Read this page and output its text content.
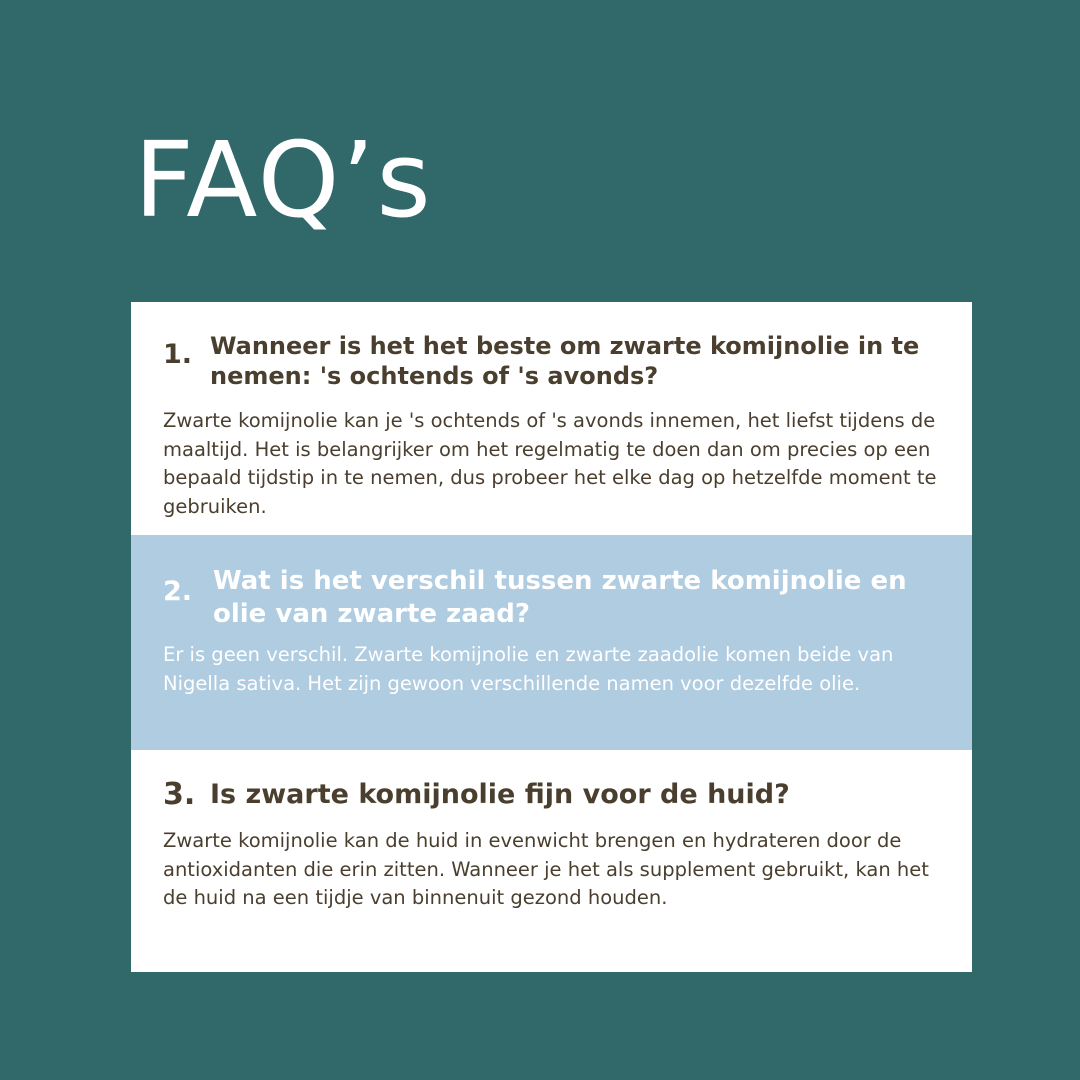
FAQ’s
1. Wanneer is het het beste om zwarte komijnolie in te nemen: 's ochtends of 's avonds?

Zwarte komijnolie kan je 's ochtends of 's avonds innemen, het liefst tijdens de maaltijd. Het is belangrijker om het regelmatig te doen dan om precies op een bepaald tijdstip in te nemen, dus probeer het elke dag op hetzelfde moment te gebruiken.

2. Wat is het verschil tussen zwarte komijnolie en olie van zwarte zaad?

Er is geen verschil. Zwarte komijnolie en zwarte zaadolie komen beide van Nigella sativa. Het zijn gewoon verschillende namen voor dezelfde olie.

3. Is zwarte komijnolie fijn voor de huid?

Zwarte komijnolie kan de huid in evenwicht brengen en hydrateren door de antioxidanten die erin zitten. Wanneer je het als supplement gebruikt, kan het de huid na een tijdje van binnenuit gezond houden.
